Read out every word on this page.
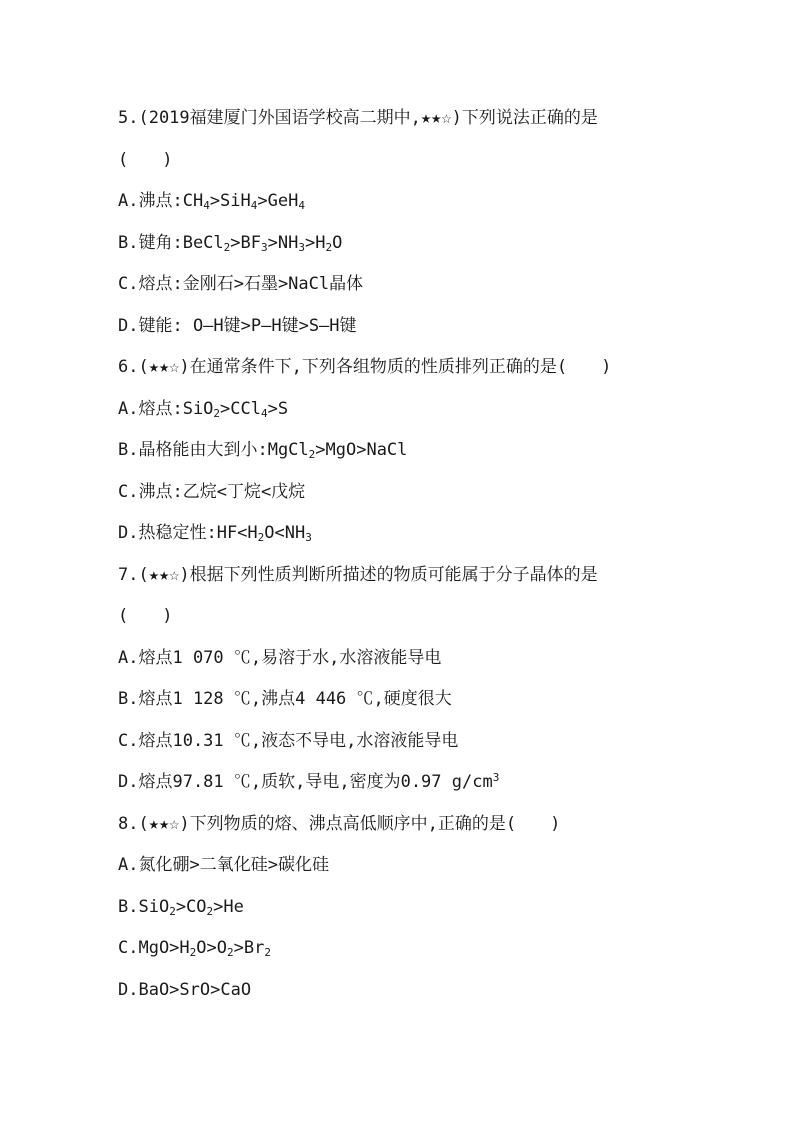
5.(2019福建厦门外国语学校高二期中,★★☆)下列说法正确的是
(　　)
A.沸点$:CH_4>SiH_4>GeH_4$
B.键角$:BeCl_2>BF_3>NH_3>H_2O$
C.熔点:金刚石>石墨>NaCl晶体
D.键能: O—H键>P—H键>S—H键
6.(★★☆)在通常条件下,下列各组物质的性质排列正确的是(　　)
A.熔点:SiO$_2$>CCl$_4$>S
B.晶格能由大到小:MgCl$_2$>MgO>NaCl
C.沸点:乙烷<丁烷<戊烷
D.热稳定性$:HF<H_2O<NH_3$
7.(★★☆)根据下列性质判断所描述的物质可能属于分子晶体的是
(　　)
A.熔点1 070 ℃,易溶于水,水溶液能导电
B.熔点1 128 ℃,沸点4 446 ℃,硬度很大
C.熔点10.31 ℃,液态不导电,水溶液能导电
D.熔点97.81 ℃,质软,导电,密度为0.97 $g/cm^3$
8.(★★☆)下列物质的熔、沸点高低顺序中,正确的是(　　)
A.氮化硼>二氧化硅>碳化硅
$B.SiO_2>CO_2>He$
$C.MgO>H_2O>O_2>Br_2$
D.BaO>SrO>CaO
